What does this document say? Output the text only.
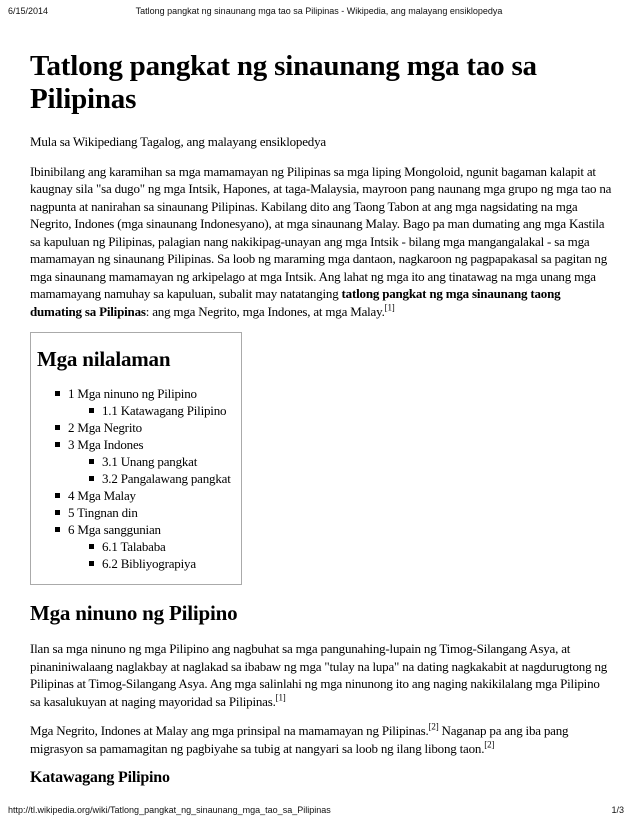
6/15/2014	Tatlong pangkat ng sinaunang mga tao sa Pilipinas - Wikipedia, ang malayang ensiklopedya
Tatlong pangkat ng sinaunang mga tao sa Pilipinas
Mula sa Wikipediang Tagalog, ang malayang ensiklopedya

Ibinibilang ang karamihan sa mga mamamayan ng Pilipinas sa mga liping Mongoloid, ngunit bagaman kalapit at kaugnay sila "sa dugo" ng mga Intsik, Hapones, at taga-Malaysia, mayroon pang naunang mga grupo ng mga tao na nagpunta at nanirahan sa sinaunang Pilipinas. Kabilang dito ang Taong Tabon at ang mga nagsidating na mga Negrito, Indones (mga sinaunang Indonesyano), at mga sinaunang Malay. Bago pa man dumating ang mga Kastila sa kapuluan ng Pilipinas, palagian nang nakikipag-unayan ang mga Intsik - bilang mga mangangalakal - sa mga mamamayan ng sinaunang Pilipinas. Sa loob ng maraming mga dantaon, nagkaroon ng pagpapakasal sa pagitan ng mga sinaunang mamamayan ng arkipelago at mga Intsik. Ang lahat ng mga ito ang tinatawag na mga unang mga mamamayang namuhay sa kapuluan, subalit may natatanging tatlong pangkat ng mga sinaunang taong dumating sa Pilipinas: ang mga Negrito, mga Indones, at mga Malay.[1]

Mga nilalaman
1 Mga ninuno ng Pilipino
1.1 Katawagang Pilipino
2 Mga Negrito
3 Mga Indones
3.1 Unang pangkat
3.2 Pangalawang pangkat
4 Mga Malay
5 Tingnan din
6 Mga sanggunian
6.1 Talababa
6.2 Bibliyograpiya
Mga ninuno ng Pilipino

Ilan sa mga ninuno ng mga Pilipino ang nagbuhat sa mga pangunahing-lupain ng Timog-Silangang Asya, at pinaniniwalaang naglakbay at naglakad sa ibabaw ng mga "tulay na lupa" na dating nagkakabit at nagdurugtong ng Pilipinas at Timog-Silangang Asya. Ang mga salinlahi ng mga ninunong ito ang naging nakikilalang mga Pilipino sa kasalukuyan at naging mayoridad sa Pilipinas.[1]

Mga Negrito, Indones at Malay ang mga prinsipal na mamamayan ng Pilipinas.[2] Naganap pa ang iba pang migrasyon sa pamamagitan ng pagbiyahe sa tubig at nangyari sa loob ng ilang libong taon.[2]

Katawagang Pilipino
http://tl.wikipedia.org/wiki/Tatlong_pangkat_ng_sinaunang_mga_tao_sa_Pilipinas	1/3
